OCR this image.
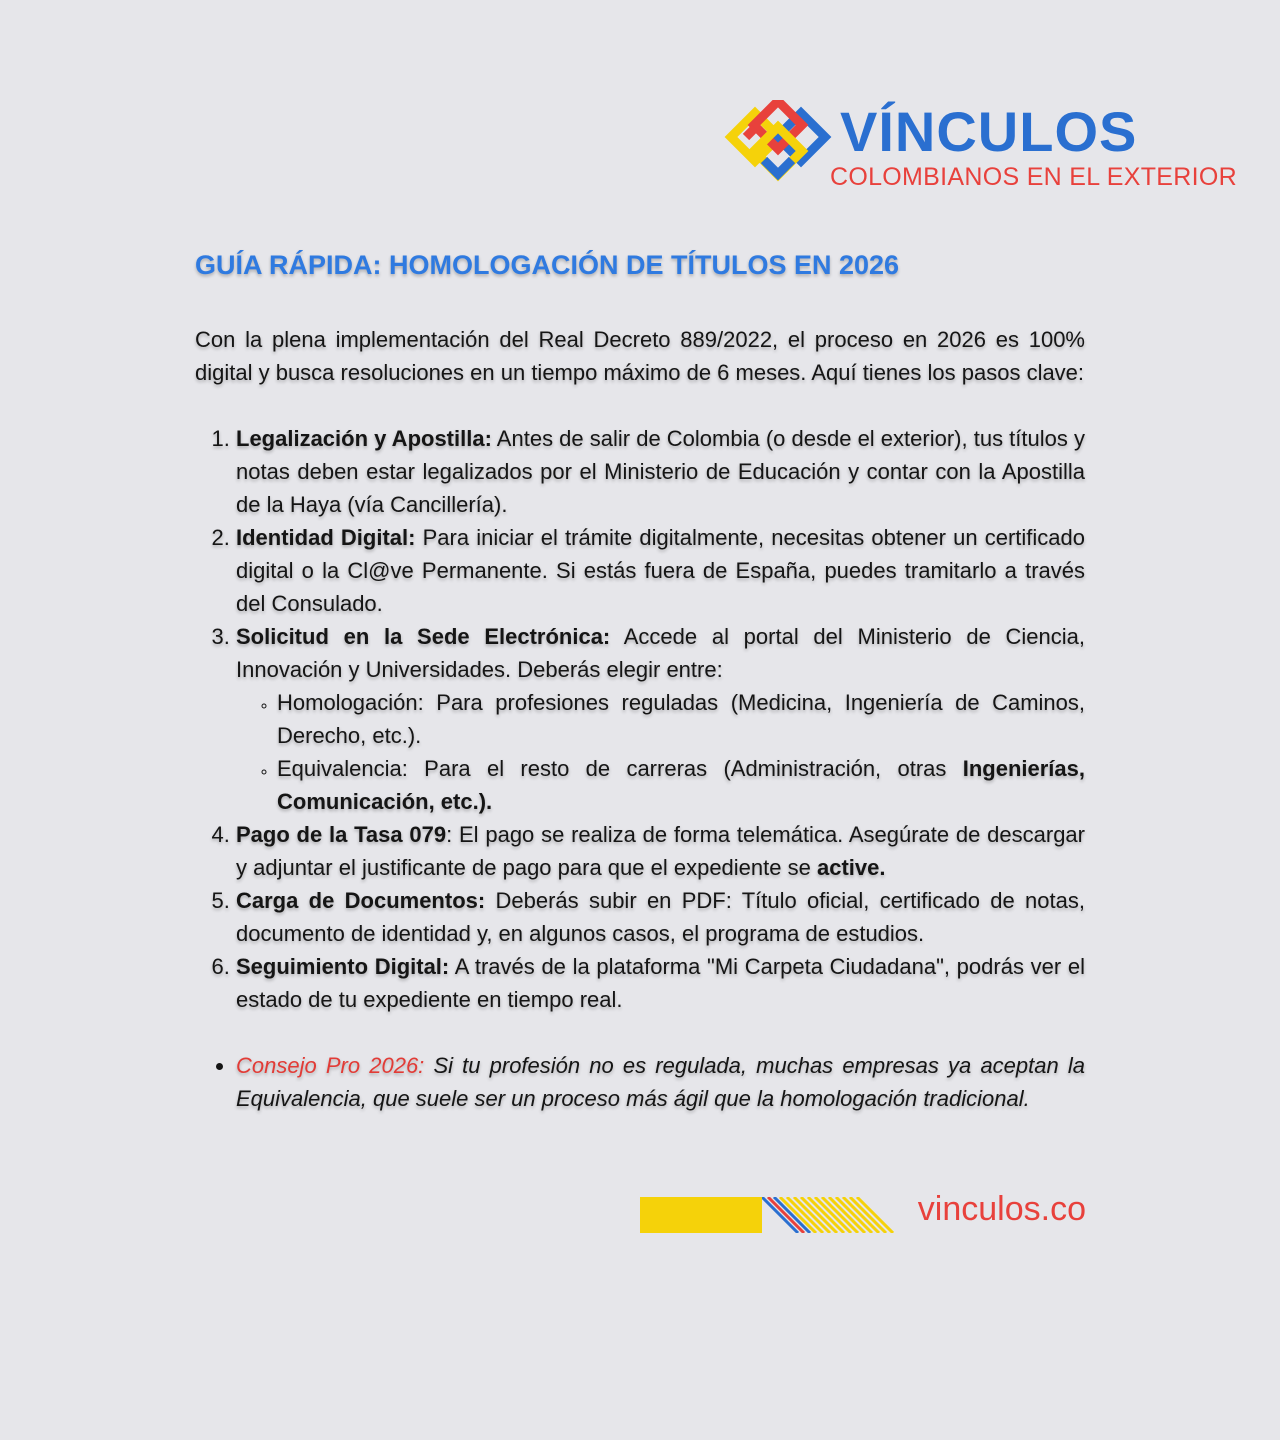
VÍNCULOS
COLOMBIANOS EN EL EXTERIOR
GUÍA RÁPIDA: HOMOLOGACIÓN DE TÍTULOS EN 2026

Con la plena implementación del Real Decreto 889/2022, el proceso en 2026 es 100% digital y busca resoluciones en un tiempo máximo de 6 meses. Aquí tienes los pasos clave:

1. Legalización y Apostilla: Antes de salir de Colombia (o desde el exterior), tus títulos y notas deben estar legalizados por el Ministerio de Educación y contar con la Apostilla de la Haya (vía Cancillería).
2. Identidad Digital: Para iniciar el trámite digitalmente, necesitas obtener un certificado digital o la Cl@ve Permanente. Si estás fuera de España, puedes tramitarlo a través del Consulado.
3. Solicitud en la Sede Electrónica: Accede al portal del Ministerio de Ciencia, Innovación y Universidades. Deberás elegir entre:
◦ Homologación: Para profesiones reguladas (Medicina, Ingeniería de Caminos, Derecho, etc.).
◦ Equivalencia: Para el resto de carreras (Administración, otras Ingenierías, Comunicación, etc.).
4. Pago de la Tasa 079: El pago se realiza de forma telemática. Asegúrate de descargar y adjuntar el justificante de pago para que el expediente se active.
5. Carga de Documentos: Deberás subir en PDF: Título oficial, certificado de notas, documento de identidad y, en algunos casos, el programa de estudios.
6. Seguimiento Digital: A través de la plataforma "Mi Carpeta Ciudadana", podrás ver el estado de tu expediente en tiempo real.
• Consejo Pro 2026: Si tu profesión no es regulada, muchas empresas ya aceptan la Equivalencia, que suele ser un proceso más ágil que la homologación tradicional.
vinculos.co
